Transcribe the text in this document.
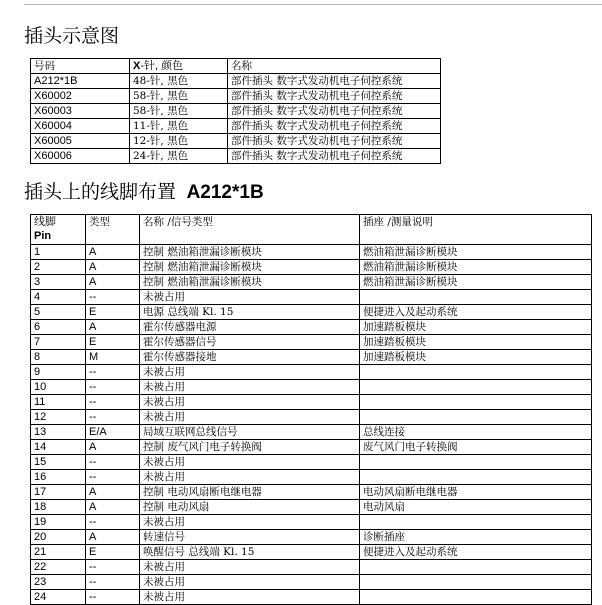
插头示意图
号码	X-针, 颜色	名称
A212*1B	48-针, 黑色	部件插头 数字式发动机电子伺控系统
X60002	58-针, 黑色	部件插头 数字式发动机电子伺控系统
X60003	58-针, 黑色	部件插头 数字式发动机电子伺控系统
X60004	11-针, 黑色	部件插头 数字式发动机电子伺控系统
X60005	12-针, 黑色	部件插头 数字式发动机电子伺控系统
X60006	24-针, 黑色	部件插头 数字式发动机电子伺控系统
插头上的线脚布置 A212*1B
线脚
Pin	类型	名称 /信号类型	插座 /测量说明
1	A	控制 燃油箱泄漏诊断模块	燃油箱泄漏诊断模块
2	A	控制 燃油箱泄漏诊断模块	燃油箱泄漏诊断模块
3	A	控制 燃油箱泄漏诊断模块	燃油箱泄漏诊断模块
4	--	未被占用	
5	E	电源 总线端 Kl. 15	便捷进入及起动系统
6	A	霍尔传感器电源	加速踏板模块
7	E	霍尔传感器信号	加速踏板模块
8	M	霍尔传感器接地	加速踏板模块
9	--	未被占用	
10	--	未被占用	
11	--	未被占用	
12	--	未被占用	
13	E/A	局域互联网总线信号	总线连接
14	A	控制 废气风门电子转换阀	废气风门电子转换阀
15	--	未被占用	
16	--	未被占用	
17	A	控制 电动风扇断电继电器	电动风扇断电继电器
18	A	控制 电动风扇	电动风扇
19	--	未被占用	
20	A	转速信号	诊断插座
21	E	唤醒信号 总线端 Kl. 15	便捷进入及起动系统
22	--	未被占用	
23	--	未被占用	
24	--	未被占用	
